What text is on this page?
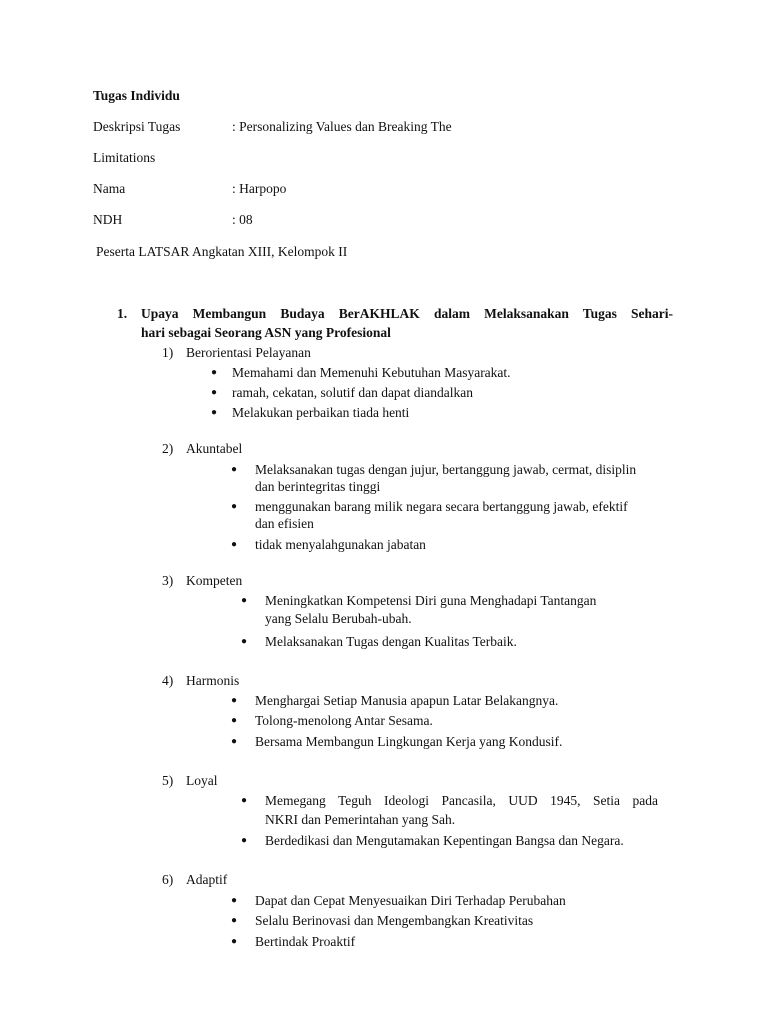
Tugas Individu
Deskripsi Tugas	: Personalizing Values dan Breaking The
Limitations
Nama	: Harpopo
NDH	: 08
Peserta LATSAR Angkatan XIII, Kelompok II
1. Upaya Membangun Budaya BerAKHLAK dalam Melaksanakan Tugas Sehari-
hari sebagai Seorang ASN yang Profesional
1) Berorientasi Pelayanan
● Memahami dan Memenuhi Kebutuhan Masyarakat.
● ramah, cekatan, solutif dan dapat diandalkan
● Melakukan perbaikan tiada henti
2) Akuntabel
● Melaksanakan tugas dengan jujur, bertanggung jawab, cermat, disiplin
dan berintegritas tinggi
● menggunakan barang milik negara secara bertanggung jawab, efektif
dan efisien
● tidak menyalahgunakan jabatan
3) Kompeten
● Meningkatkan Kompetensi Diri guna Menghadapi Tantangan
yang Selalu Berubah-ubah.
● Melaksanakan Tugas dengan Kualitas Terbaik.
4) Harmonis
● Menghargai Setiap Manusia apapun Latar Belakangnya.
● Tolong-menolong Antar Sesama.
● Bersama Membangun Lingkungan Kerja yang Kondusif.
5) Loyal
● Memegang Teguh Ideologi Pancasila, UUD 1945, Setia pada
NKRI dan Pemerintahan yang Sah.
● Berdedikasi dan Mengutamakan Kepentingan Bangsa dan Negara.
6) Adaptif
● Dapat dan Cepat Menyesuaikan Diri Terhadap Perubahan
● Selalu Berinovasi dan Mengembangkan Kreativitas
● Bertindak Proaktif
